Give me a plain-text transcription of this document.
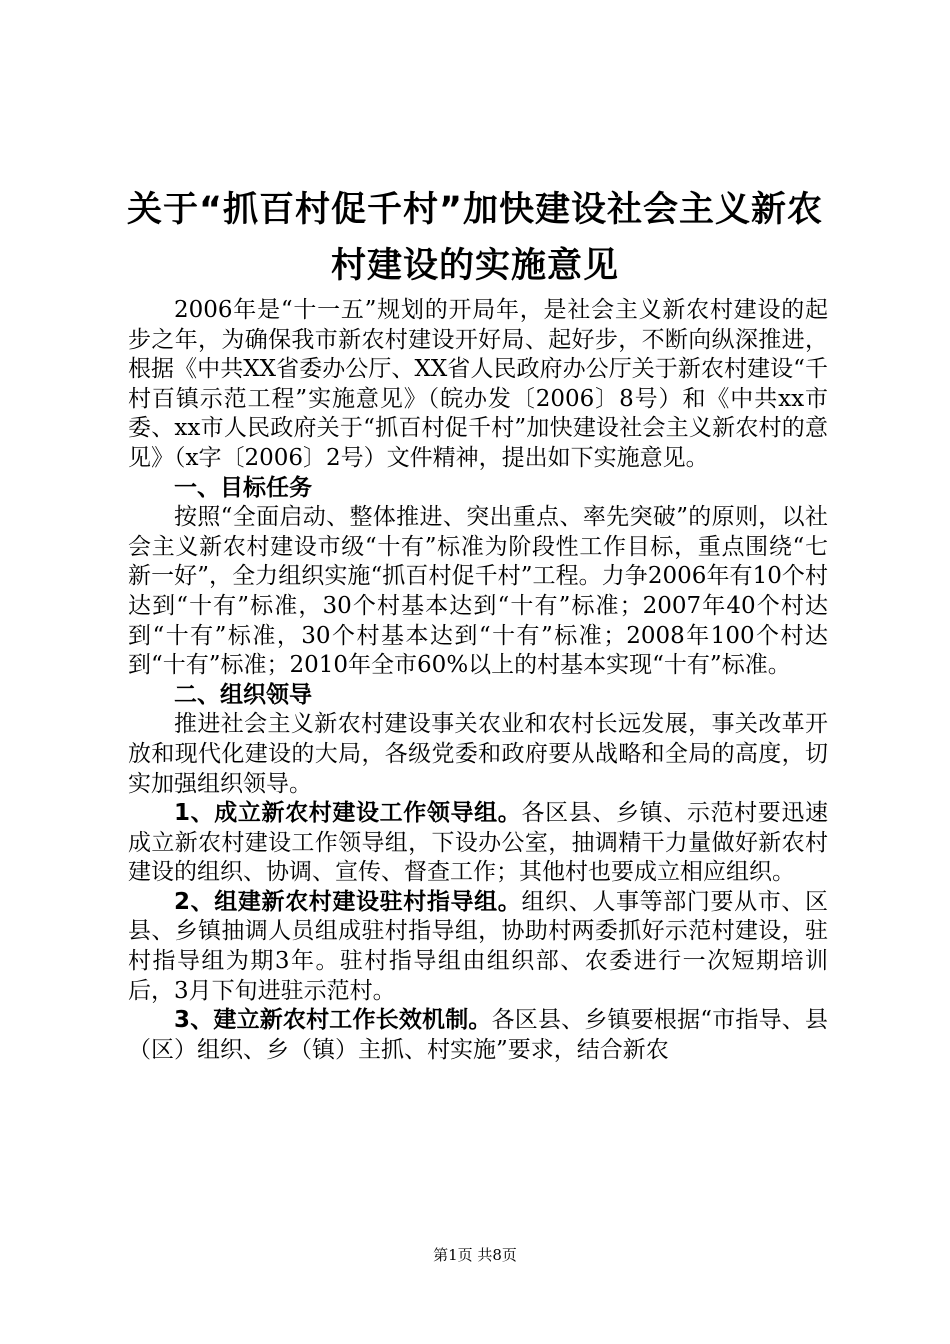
关于“抓百村促千村”加快建设社会主义新农
村建设的实施意见

2006年是“十一五”规划的开局年，是社会主义新农村建设的起步之年，为确保我市新农村建设开好局、起好步，不断向纵深推进，根据《中共XX省委办公厅、XX省人民政府办公厅关于新农村建设“千村百镇示范工程”实施意见》（皖办发〔2006〕8号）和《中共xx市委、xx市人民政府关于“抓百村促千村”加快建设社会主义新农村的意见》（x字〔2006〕2号）文件精神，提出如下实施意见。

一、目标任务

按照“全面启动、整体推进、突出重点、率先突破”的原则，以社会主义新农村建设市级“十有”标准为阶段性工作目标，重点围绕“七新一好”，全力组织实施“抓百村促千村”工程。力争2006年有10个村达到“十有”标准，30个村基本达到“十有”标准；2007年40个村达到“十有”标准，30个村基本达到“十有”标准；2008年100个村达到“十有”标准；2010年全市60%以上的村基本实现“十有”标准。

二、组织领导

推进社会主义新农村建设事关农业和农村长远发展，事关改革开放和现代化建设的大局，各级党委和政府要从战略和全局的高度，切实加强组织领导。

1、成立新农村建设工作领导组。各区县、乡镇、示范村要迅速成立新农村建设工作领导组，下设办公室，抽调精干力量做好新农村建设的组织、协调、宣传、督查工作；其他村也要成立相应组织。

2、组建新农村建设驻村指导组。组织、人事等部门要从市、区县、乡镇抽调人员组成驻村指导组，协助村两委抓好示范村建设，驻村指导组为期3年。驻村指导组由组织部、农委进行一次短期培训后，3月下旬进驻示范村。

3、建立新农村工作长效机制。各区县、乡镇要根据“市指导、县（区）组织、乡（镇）主抓、村实施”要求，结合新农

第1页 共8页
